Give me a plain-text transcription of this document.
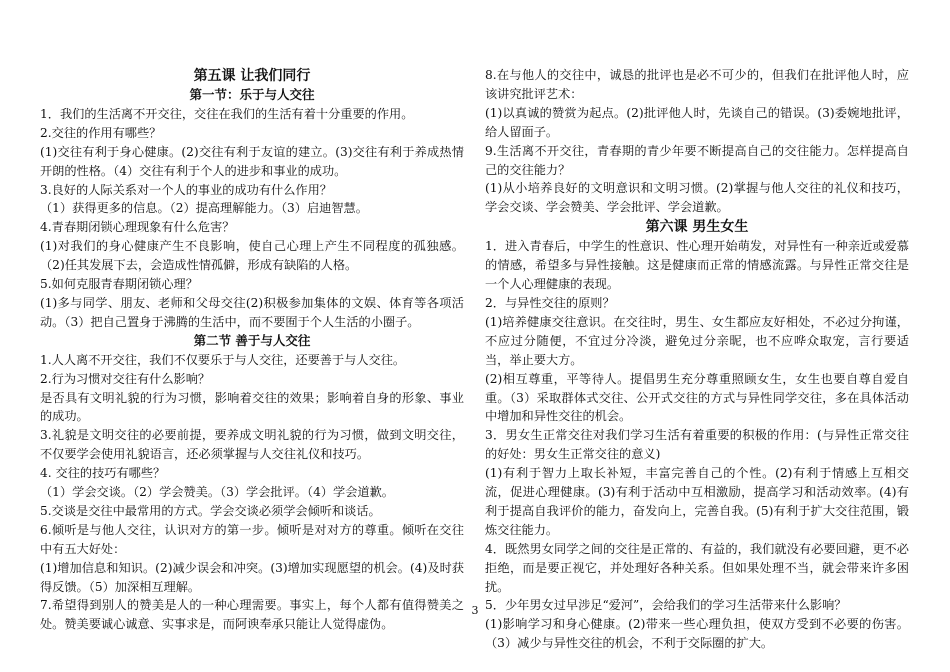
第五课 让我们同行

第一节：乐于与人交往

1．我们的生活离不开交往，交往在我们的生活有着十分重要的作用。

2.交往的作用有哪些？

(1)交往有利于身心健康。(2)交往有利于友谊的建立。(3)交往有利于养成热情开朗的性格。（4）交往有利于个人的进步和事业的成功。

3.良好的人际关系对一个人的事业的成功有什么作用？

（1）获得更多的信息。（2）提高理解能力。（3）启迪智慧。

4.青春期闭锁心理现象有什么危害？

(1)对我们的身心健康产生不良影响，使自己心理上产生不同程度的孤独感。（2)任其发展下去，会造成性情孤僻，形成有缺陷的人格。

5.如何克服青春期闭锁心理？

(1)多与同学、朋友、老师和父母交往(2)积极参加集体的文娱、体育等各项活动。（3）把自己置身于沸腾的生活中，而不要囿于个人生活的小圈子。

第二节 善于与人交往

1.人人离不开交往，我们不仅要乐于与人交往，还要善于与人交往。

2.行为习惯对交往有什么影响？

是否具有文明礼貌的行为习惯，影响着交往的效果；影响着自身的形象、事业的成功。

3.礼貌是文明交往的必要前提，要养成文明礼貌的行为习惯，做到文明交往，不仅要学会使用礼貌语言，还必须掌握与人交往礼仪和技巧。

4. 交往的技巧有哪些？

（1）学会交谈。（2）学会赞美。（3）学会批评。（4）学会道歉。

5.交谈是交往中最常用的方式。学会交谈必须学会倾听和谈话。

6.倾听是与他人交往，认识对方的第一步。倾听是对对方的尊重。倾听在交往中有五大好处：

(1)增加信息和知识。(2)减少误会和冲突。(3)增加实现愿望的机会。(4)及时获得反馈。（5）加深相互理解。

7.希望得到别人的赞美是人的一种心理需要。事实上，每个人都有值得赞美之处。赞美要诚心诚意、实事求是，而阿谀奉承只能让人觉得虚伪。

8.在与他人的交往中，诚恳的批评也是必不可少的，但我们在批评他人时，应该讲究批评艺术：

(1)以真诚的赞赏为起点。(2)批评他人时，先谈自己的错误。(3)委婉地批评，给人留面子。

9.生活离不开交往，青春期的青少年要不断提高自己的交往能力。怎样提高自己的交往能力？

(1)从小培养良好的文明意识和文明习惯。(2)掌握与他人交往的礼仪和技巧，学会交谈、学会赞美、学会批评、学会道歉。

第六课 男生女生

1．进入青春后，中学生的性意识、性心理开始萌发，对异性有一种亲近或爱慕的情感，希望多与异性接触。这是健康而正常的情感流露。与异性正常交往是一个人心理健康的表现。

2．与异性交往的原则？

(1)培养健康交往意识。在交往时，男生、女生都应友好相处，不必过分拘谨，不应过分随便，不宜过分冷淡，避免过分亲昵，也不应哗众取宠，言行要适当，举止要大方。

(2)相互尊重，平等待人。提倡男生充分尊重照顾女生，女生也要自尊自爱自重。（3）采取群体式交往、公开式交往的方式与异性同学交往，多在具体活动中增加和异性交往的机会。

3．男女生正常交往对我们学习生活有着重要的积极的作用：(与异性正常交往的好处：男女生正常交往的意义)

(1)有利于智力上取长补短，丰富完善自己的个性。(2)有利于情感上互相交流，促进心理健康。(3)有利于活动中互相激励，提高学习和活动效率。(4)有利于提高自我评价的能力，奋发向上，完善自我。(5)有利于扩大交往范围，锻炼交往能力。

4．既然男女同学之间的交往是正常的、有益的，我们就没有必要回避，更不必拒绝，而是要正视它，并处理好各种关系。但如果处理不当，就会带来许多困扰。

5．少年男女过早涉足“爱河”，会给我们的学习生活带来什么影响？

(1)影响学习和身心健康。(2)带来一些心理负担，使双方受到不必要的伤害。（3）减少与异性交往的机会，不利于交际圈的扩大。

3
